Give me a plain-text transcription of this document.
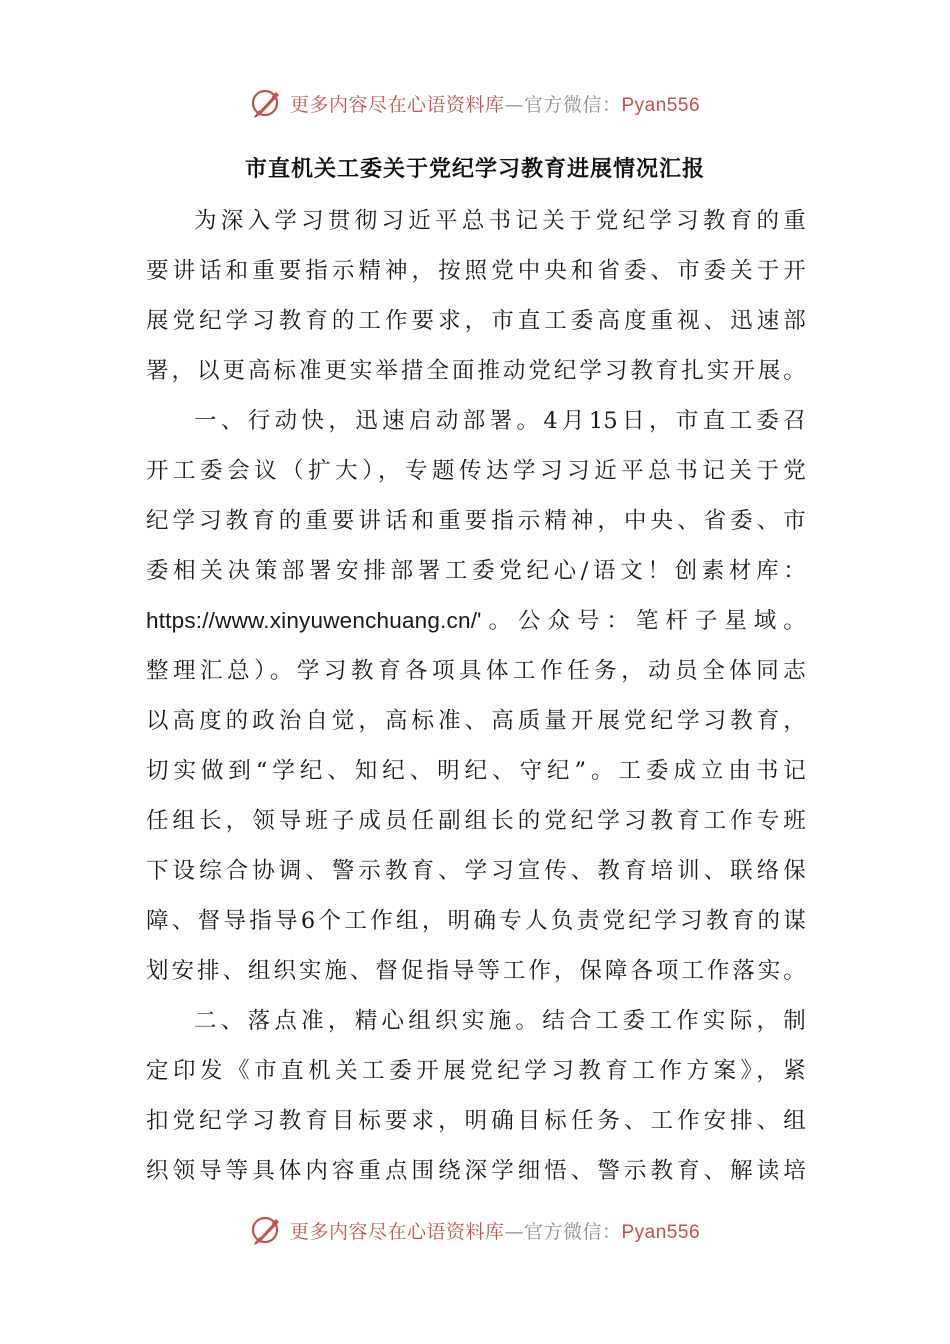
更多内容尽在心语资料库—官方微信：Pyan556
市直机关工委关于党纪学习教育进展情况汇报
为深入学习贯彻习近平总书记关于党纪学习教育的重
要讲话和重要指示精神，按照党中央和省委、市委关于开
展党纪学习教育的工作要求，市直工委高度重视、迅速部
署，以更高标准更实举措全面推动党纪学习教育扎实开展。
一、行动快，迅速启动部署。4月15日，市直工委召
开工委会议（扩大），专题传达学习习近平总书记关于党
纪学习教育的重要讲话和重要指示精神，中央、省委、市
委相关决策部署安排部署工委党纪心/语文！创素材库：
https://www.xinyuwenchuang.cn/'。公众号：笔杆子星域。
整理汇总）。学习教育各项具体工作任务，动员全体同志
以高度的政治自觉，高标准、高质量开展党纪学习教育，
切实做到“学纪、知纪、明纪、守纪”。工委成立由书记
任组长，领导班子成员任副组长的党纪学习教育工作专班
下设综合协调、警示教育、学习宣传、教育培训、联络保
障、督导指导6个工作组，明确专人负责党纪学习教育的谋
划安排、组织实施、督促指导等工作，保障各项工作落实。
二、落点准，精心组织实施。结合工委工作实际，制
定印发《市直机关工委开展党纪学习教育工作方案》，紧
扣党纪学习教育目标要求，明确目标任务、工作安排、组
织领导等具体内容重点围绕深学细悟、警示教育、解读培
更多内容尽在心语资料库—官方微信：Pyan556
